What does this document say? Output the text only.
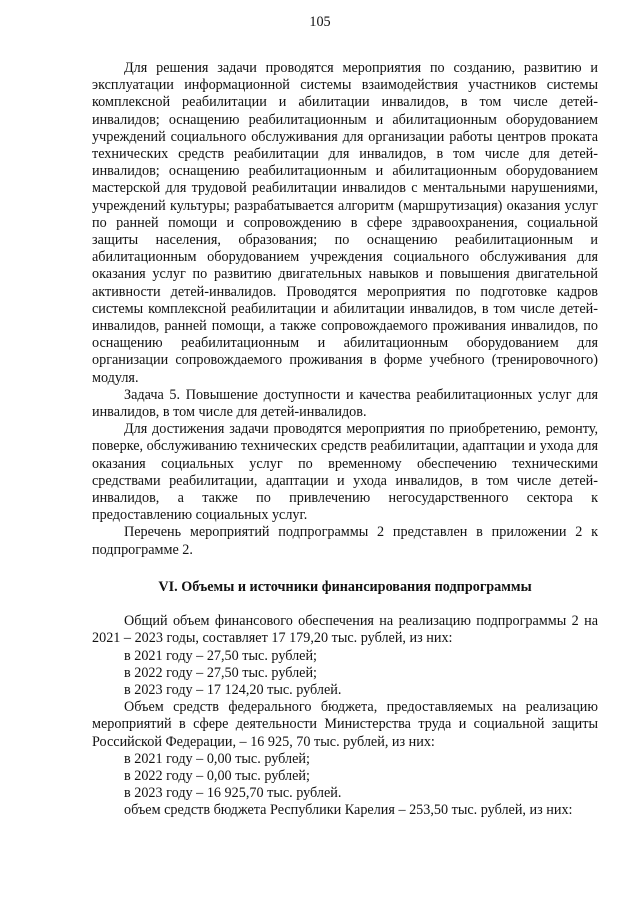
105

Для решения задачи проводятся мероприятия по созданию, развитию и эксплуатации информационной системы взаимодействия участников системы комплексной реабилитации и абилитации инвалидов, в том числе детей-инвалидов; оснащению реабилитационным и абилитационным оборудованием учреждений социального обслуживания для организации работы центров проката технических средств реабилитации для инвалидов, в том числе для детей-инвалидов; оснащению реабилитационным и абилитационным оборудованием мастерской для трудовой реабилитации инвалидов с ментальными нарушениями, учреждений культуры; разрабатывается алгоритм (маршрутизация) оказания услуг по ранней помощи и сопровождению в сфере здравоохранения, социальной защиты населения, образования; по оснащению реабилитационным и абилитационным оборудованием учреждения социального обслуживания для оказания услуг по развитию двигательных навыков и повышения двигательной активности детей-инвалидов. Проводятся мероприятия по подготовке кадров системы комплексной реабилитации и абилитации инвалидов, в том числе детей-инвалидов, ранней помощи, а также сопровождаемого проживания инвалидов, по оснащению реабилитационным и абилитационным оборудованием для организации сопровождаемого проживания в форме учебного (тренировочного) модуля.

Задача 5. Повышение доступности и качества реабилитационных услуг для инвалидов, в том числе для детей-инвалидов.

Для достижения задачи проводятся мероприятия по приобретению, ремонту, поверке, обслуживанию технических средств реабилитации, адаптации и ухода для оказания социальных услуг по временному обеспечению техническими средствами реабилитации, адаптации и ухода инвалидов, в том числе детей-инвалидов, а также по привлечению негосударственного сектора к предоставлению социальных услуг.

Перечень мероприятий подпрограммы 2 представлен в приложении 2 к подпрограмме 2.

VI. Объемы и источники финансирования подпрограммы

Общий объем финансового обеспечения на реализацию подпрограммы 2 на 2021 – 2023 годы, составляет 17 179,20 тыс. рублей, из них:

в 2021 году – 27,50 тыс. рублей;

в 2022 году – 27,50 тыс. рублей;

в 2023 году – 17 124,20 тыс. рублей.

Объем средств федерального бюджета, предоставляемых на реализацию мероприятий в сфере деятельности Министерства труда и социальной защиты Российской Федерации, – 16 925, 70 тыс. рублей, из них:

в 2021 году – 0,00 тыс. рублей;

в 2022 году – 0,00 тыс. рублей;

в 2023 году – 16 925,70 тыс. рублей.

объем средств бюджета Республики Карелия – 253,50 тыс. рублей, из них:
